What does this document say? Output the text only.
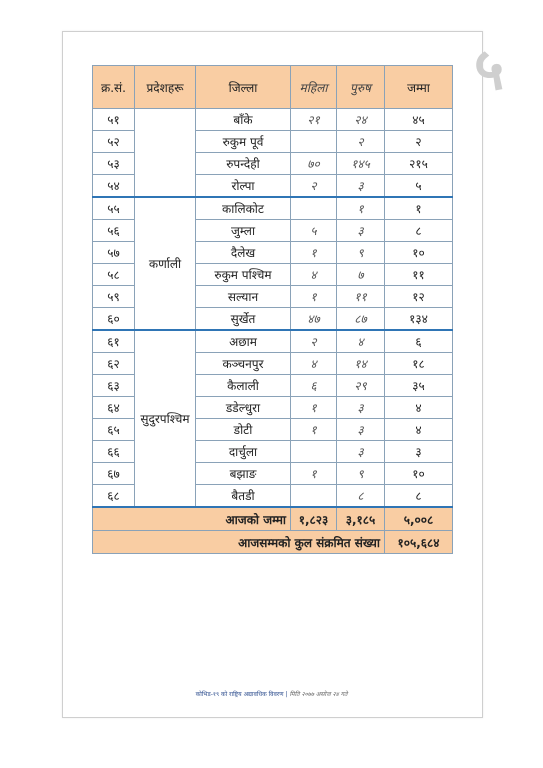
५
क्र.सं.	प्रदेशहरू	जिल्ला	महिला	पुरुष	जम्मा
५१		बाँके	२१	२४	४५
५२		रुकुम पूर्व		२	२
५३		रुपन्देही	७०	१४५	२१५
५४		रोल्पा	२	३	५
५५	कर्णाली	कालिकोट		१	१
५६		जुम्ला	५	३	८
५७		दैलेख	१	९	१०
५८		रुकुम पश्चिम	४	७	११
५९		सल्यान	१	११	१२
६०		सुर्खेत	४७	८७	१३४
६१	सुदुरपश्चिम	अछाम	२	४	६
६२		कञ्चनपुर	४	१४	१८
६३		कैलाली	६	२९	३५
६४		डडेल्धुरा	१	३	४
६५		डोटी	१	३	४
६६		दार्चुला		३	३
६७		बझाङ	१	९	१०
६८		बैतडी		८	८
आजको जम्मा			१,८२३	३,१८५	५,००८
आजसम्मको कुल संक्रमित संख्या					१०५,६८४
कोभिड-१९ को राष्ट्रिय अद्यावधिक विवरण | मिति २०७७ असोज २४ गते
